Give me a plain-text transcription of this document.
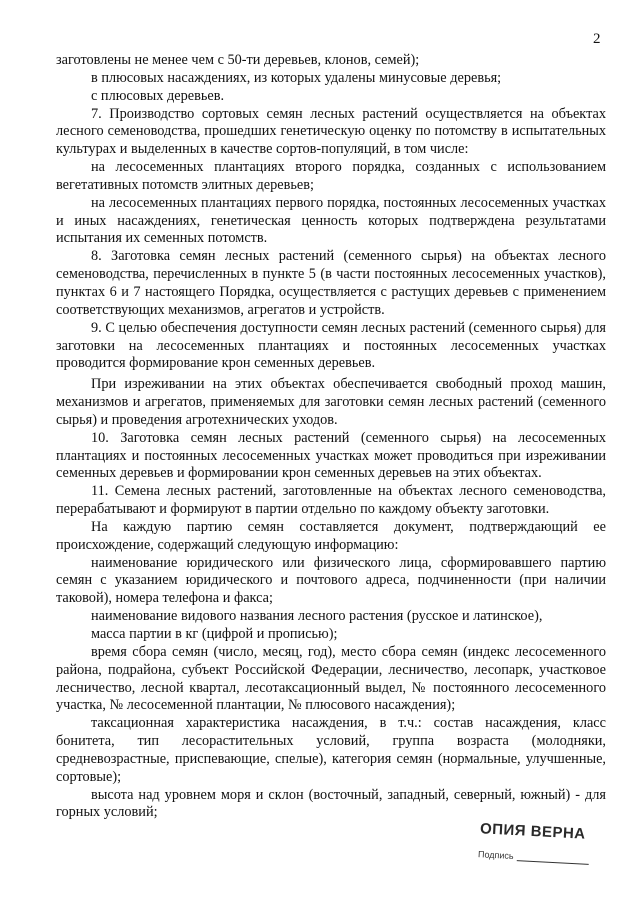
2

заготовлены не менее чем с 50-ти деревьев, клонов, семей);

в плюсовых насаждениях, из которых удалены минусовые деревья;

с плюсовых деревьев.

7. Производство сортовых семян лесных растений осуществляется на объектах лесного семеноводства, прошедших генетическую оценку по потомству в испытательных культурах и выделенных в качестве сортов-популяций, в том числе:

на лесосеменных плантациях второго порядка, созданных с использованием вегетативных потомств элитных деревьев;

на лесосеменных плантациях первого порядка, постоянных лесосеменных участках и иных насаждениях, генетическая ценность которых подтверждена результатами испытания их семенных потомств.

8. Заготовка семян лесных растений (семенного сырья) на объектах лесного семеноводства, перечисленных в пункте 5 (в части постоянных лесосеменных участков), пунктах 6 и 7 настоящего Порядка, осуществляется с растущих деревьев с применением соответствующих механизмов, агрегатов и устройств.

9. С целью обеспечения доступности семян лесных растений (семенного сырья) для заготовки на лесосеменных плантациях и постоянных лесосеменных участках проводится формирование крон семенных деревьев.

При изреживании на этих объектах обеспечивается свободный проход машин, механизмов и агрегатов, применяемых для заготовки семян лесных растений (семенного сырья) и проведения агротехнических уходов.

10. Заготовка семян лесных растений (семенного сырья) на лесосеменных плантациях и постоянных лесосеменных участках может проводиться при изреживании семенных деревьев и формировании крон семенных деревьев на этих объектах.

11. Семена лесных растений, заготовленные на объектах лесного семеноводства, перерабатывают и формируют в партии отдельно по каждому объекту заготовки.

На каждую партию семян составляется документ, подтверждающий ее происхождение, содержащий следующую информацию:

наименование юридического или физического лица, сформировавшего партию семян с указанием юридического и почтового адреса, подчиненности (при наличии таковой), номера телефона и факса;

наименование видового названия лесного растения (русское и латинское),

масса партии в кг (цифрой и прописью);

время сбора семян (число, месяц, год), место сбора семян (индекс лесосеменного района, подрайона, субъект Российской Федерации, лесничество, лесопарк, участковое лесничество, лесной квартал, лесотаксационный выдел, № постоянного лесосеменного участка, № лесосеменной плантации, № плюсового насаждения);

таксационная характеристика насаждения, в т.ч.: состав насаждения, класс бонитета, тип лесорастительных условий, группа возраста (молодняки, средневозрастные, приспевающие, спелые), категория семян (нормальные, улучшенные, сортовые);

высота над уровнем моря и склон (восточный, западный, северный, южный) - для горных условий;

ОПИЯ ВЕРНА
Подпись
